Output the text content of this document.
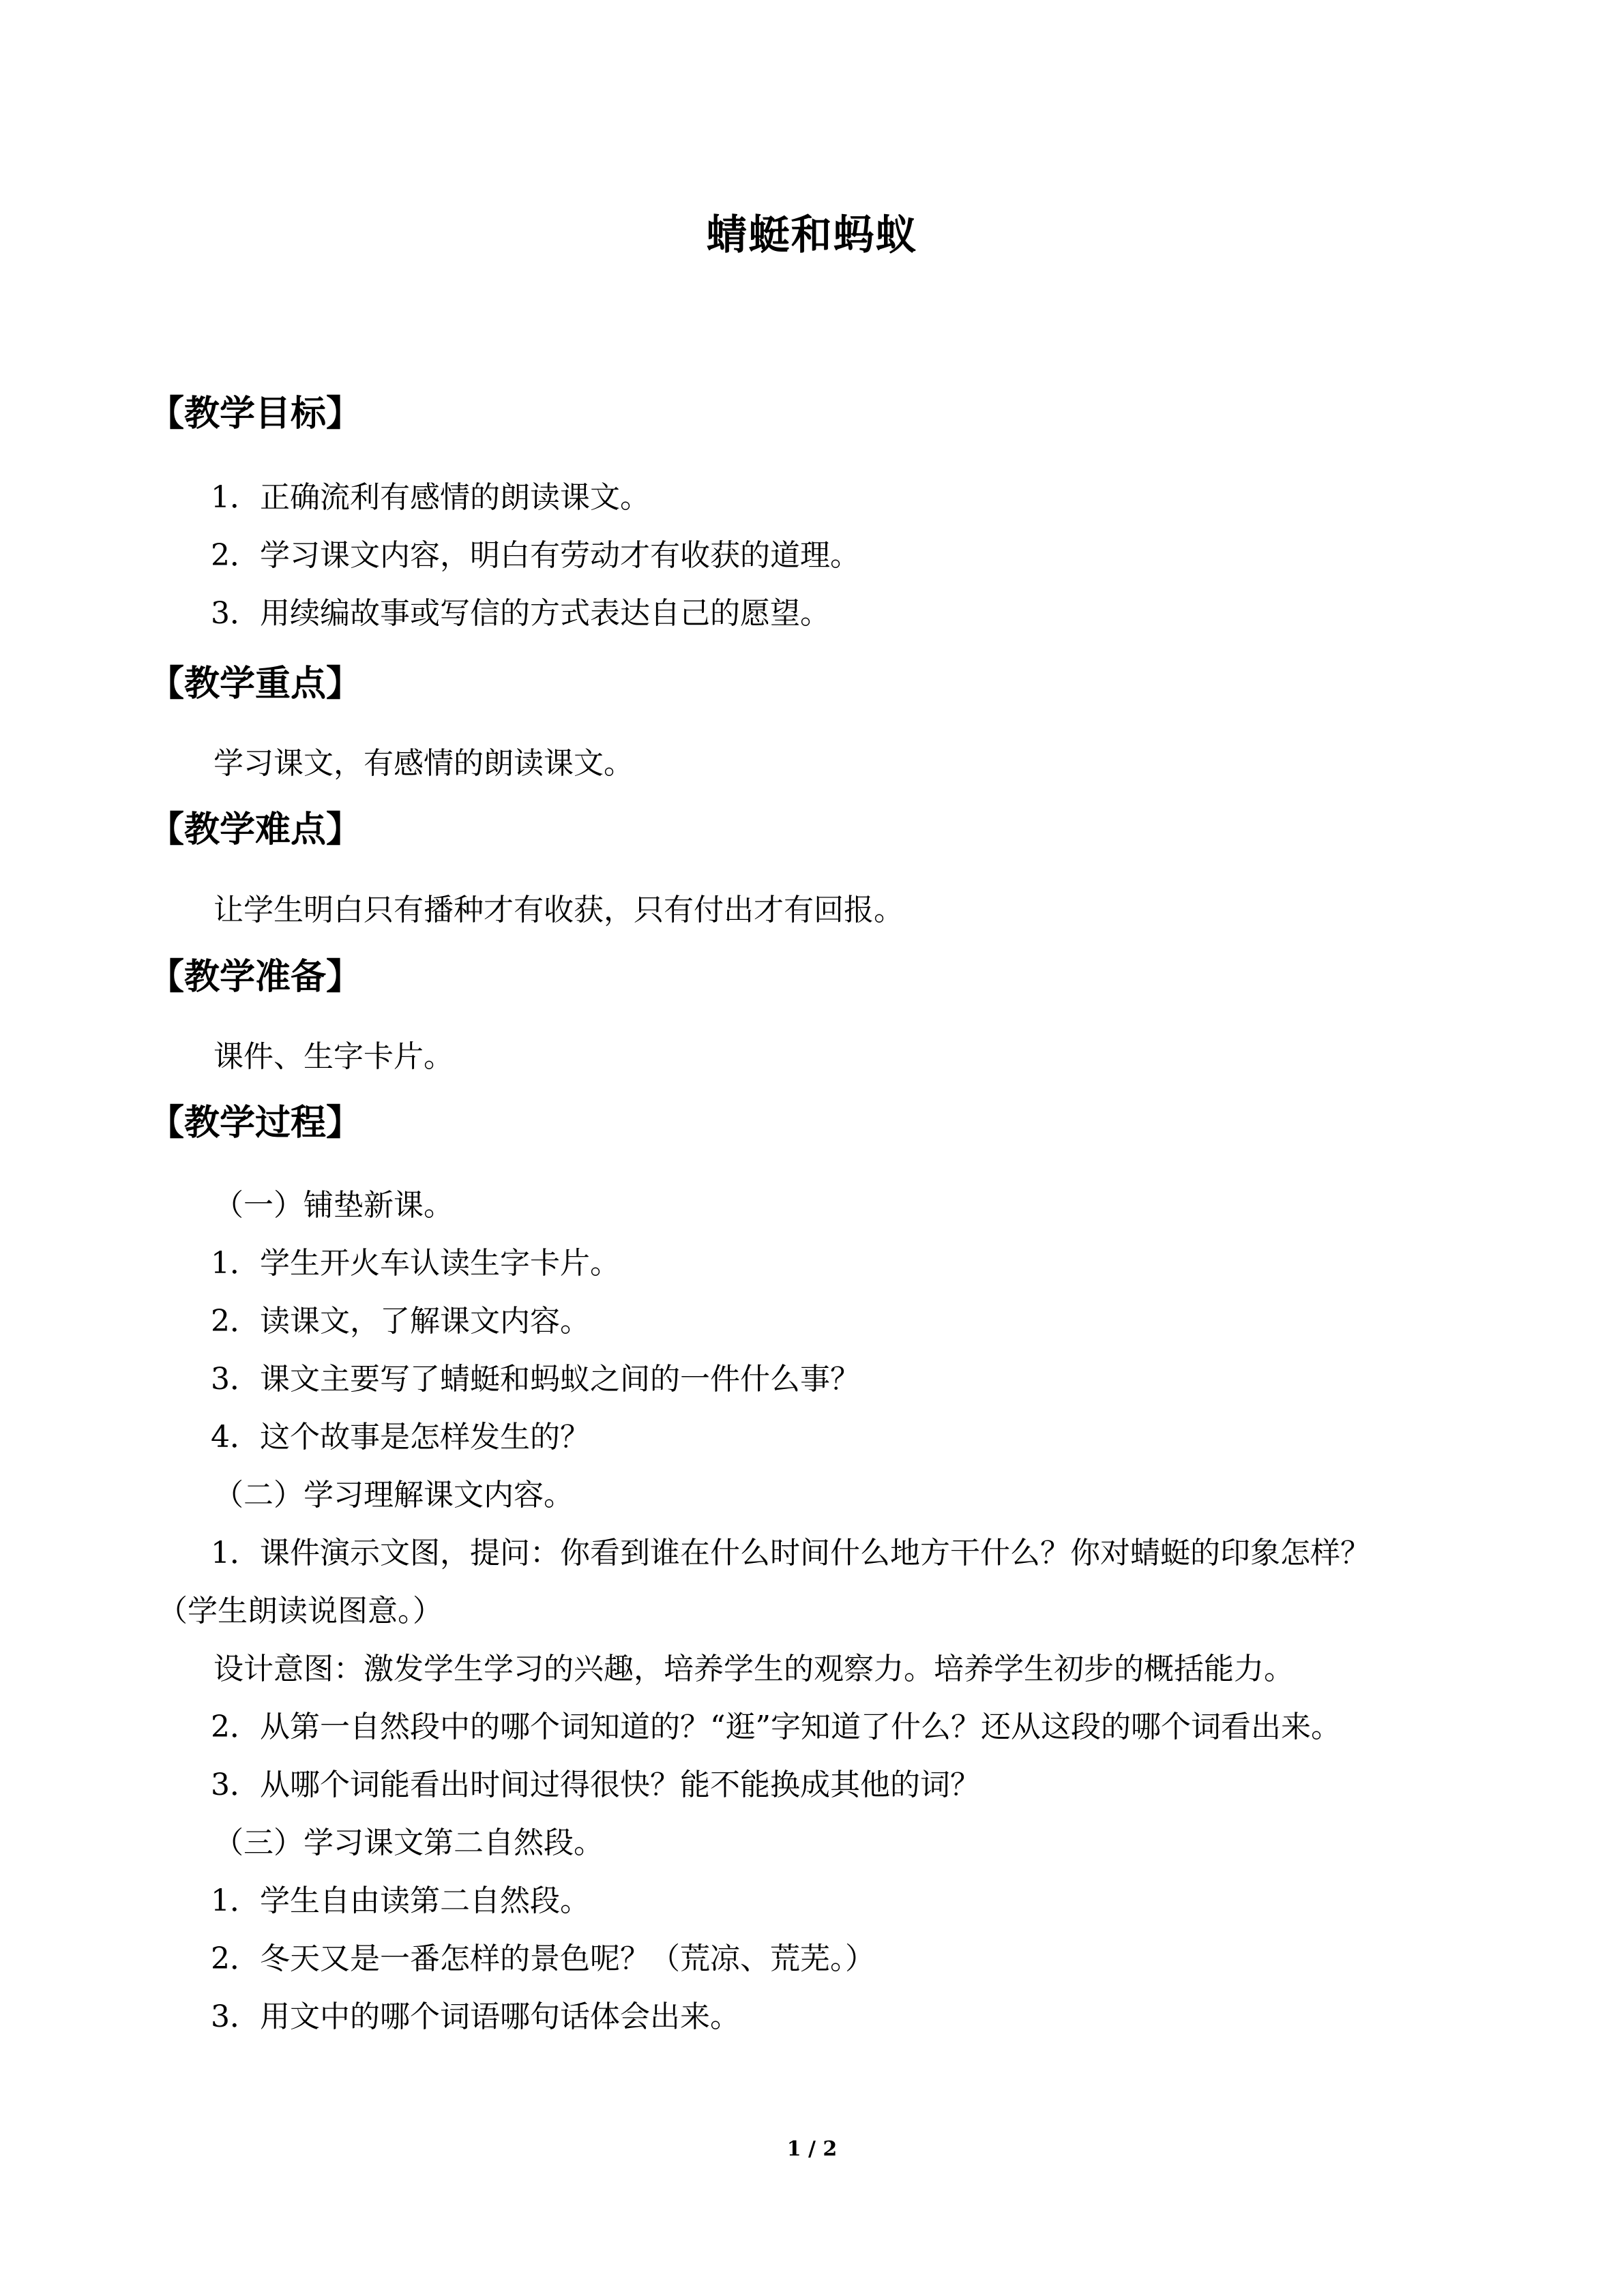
蜻蜓和蚂蚁
【教学目标】
1．正确流利有感情的朗读课文。
2．学习课文内容，明白有劳动才有收获的道理。
3．用续编故事或写信的方式表达自己的愿望。
【教学重点】
学习课文，有感情的朗读课文。
【教学难点】
让学生明白只有播种才有收获，只有付出才有回报。
【教学准备】
课件、生字卡片。
【教学过程】
（一）铺垫新课。
1．学生开火车认读生字卡片。
2．读课文，了解课文内容。
3．课文主要写了蜻蜓和蚂蚁之间的一件什么事？
4．这个故事是怎样发生的？
（二）学习理解课文内容。
1．课件演示文图，提问：你看到谁在什么时间什么地方干什么？你对蜻蜓的印象怎样？
（学生朗读说图意。）
设计意图：激发学生学习的兴趣，培养学生的观察力。培养学生初步的概括能力。
2．从第一自然段中的哪个词知道的？“逛”字知道了什么？还从这段的哪个词看出来。
3．从哪个词能看出时间过得很快？能不能换成其他的词？
（三）学习课文第二自然段。
1．学生自由读第二自然段。
2．冬天又是一番怎样的景色呢？（荒凉、荒芜。）
3．用文中的哪个词语哪句话体会出来。
1 / 2
